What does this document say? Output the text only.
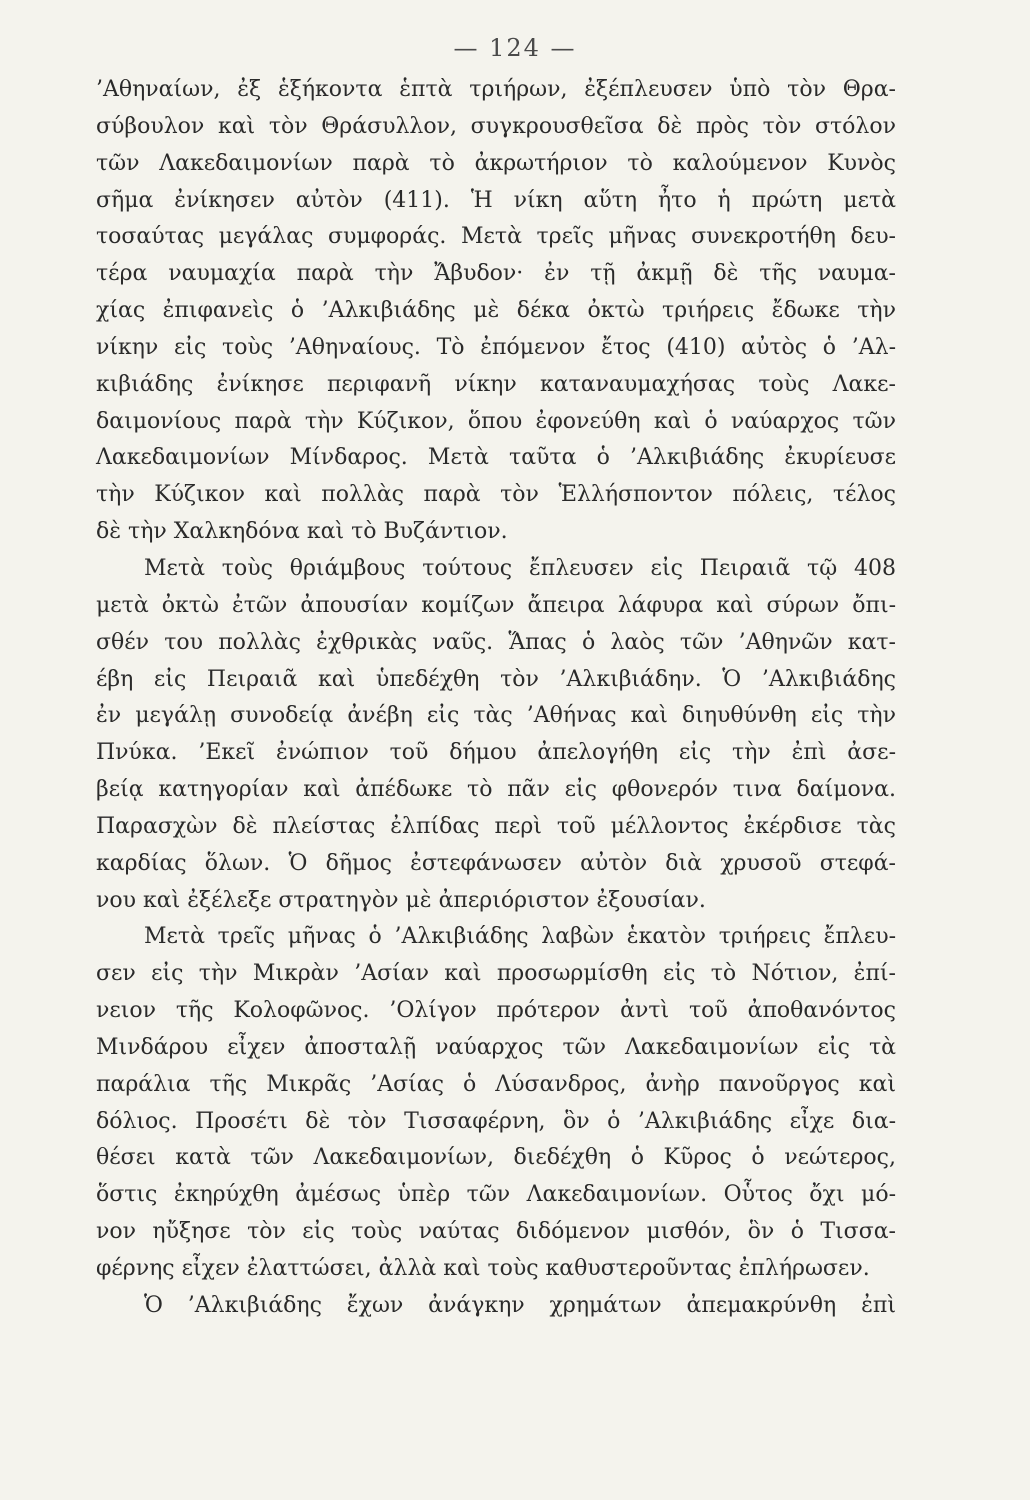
— 124 —
’Αθηναίων, ἐξ ἑξήκοντα ἑπτὰ τριήρων, ἐξέπλευσεν ὑπὸ τὸν Θρα-
σύβουλον καὶ τὸν Θράσυλλον, συγκρουσθεῖσα δὲ πρὸς τὸν στόλον
τῶν Λακεδαιμονίων παρὰ τὸ ἀκρωτήριον τὸ καλούμενον Κυνὸς
σῆμα ἐνίκησεν αὐτὸν (411). Ἡ νίκη αὕτη ἦτο ἡ πρώτη μετὰ
τοσαύτας μεγάλας συμφοράς. Μετὰ τρεῖς μῆνας συνεκροτήθη δευ-
τέρα ναυμαχία παρὰ τὴν Ἄβυδον· ἐν τῇ ἀκμῇ δὲ τῆς ναυμα-
χίας ἐπιφανεὶς ὁ ’Αλκιβιάδης μὲ δέκα ὀκτὼ τριήρεις ἔδωκε τὴν
νίκην εἰς τοὺς ’Αθηναίους. Τὸ ἐπόμενον ἔτος (410) αὐτὸς ὁ ’Αλ-
κιβιάδης ἐνίκησε περιφανῆ νίκην καταναυμαχήσας τοὺς Λακε-
δαιμονίους παρὰ τὴν Κύζικον, ὅπου ἐφονεύθη καὶ ὁ ναύαρχος τῶν
Λακεδαιμονίων Μίνδαρος. Μετὰ ταῦτα ὁ ’Αλκιβιάδης ἐκυρίευσε
τὴν Κύζικον καὶ πολλὰς παρὰ τὸν Ἑλλήσποντον πόλεις, τέλος
δὲ τὴν Χαλκηδόνα καὶ τὸ Βυζάντιον.
Μετὰ τοὺς θριάμβους τούτους ἔπλευσεν εἰς Πειραιᾶ τῷ 408
μετὰ ὀκτὼ ἐτῶν ἀπουσίαν κομίζων ἄπειρα λάφυρα καὶ σύρων ὄπι-
σθέν του πολλὰς ἐχθρικὰς ναῦς. Ἅπας ὁ λαὸς τῶν ’Αθηνῶν κατ-
έβη εἰς Πειραιᾶ καὶ ὑπεδέχθη τὸν ’Αλκιβιάδην. Ὁ ’Αλκιβιάδης
ἐν μεγάλῃ συνοδείᾳ ἀνέβη εἰς τὰς ’Αθήνας καὶ διηυθύνθη εἰς τὴν
Πνύκα. ’Εκεῖ ἐνώπιον τοῦ δήμου ἀπελογήθη εἰς τὴν ἐπὶ ἀσε-
βείᾳ κατηγορίαν καὶ ἀπέδωκε τὸ πᾶν εἰς φθονερόν τινα δαίμονα.
Παρασχὼν δὲ πλείστας ἐλπίδας περὶ τοῦ μέλλοντος ἐκέρδισε τὰς
καρδίας ὅλων. Ὁ δῆμος ἐστεφάνωσεν αὐτὸν διὰ χρυσοῦ στεφά-
νου καὶ ἐξέλεξε στρατηγὸν μὲ ἀπεριόριστον ἐξουσίαν.
Μετὰ τρεῖς μῆνας ὁ ’Αλκιβιάδης λαβὼν ἑκατὸν τριήρεις ἔπλευ-
σεν εἰς τὴν Μικρὰν ’Ασίαν καὶ προσωρμίσθη εἰς τὸ Νότιον, ἐπί-
νειον τῆς Κολοφῶνος. ’Ολίγον πρότερον ἀντὶ τοῦ ἀποθανόντος
Μινδάρου εἶχεν ἀποσταλῇ ναύαρχος τῶν Λακεδαιμονίων εἰς τὰ
παράλια τῆς Μικρᾶς ’Ασίας ὁ Λύσανδρος, ἀνὴρ πανοῦργος καὶ
δόλιος. Προσέτι δὲ τὸν Τισσαφέρνη, ὃν ὁ ’Αλκιβιάδης εἶχε δια-
θέσει κατὰ τῶν Λακεδαιμονίων, διεδέχθη ὁ Κῦρος ὁ νεώτερος,
ὅστις ἐκηρύχθη ἀμέσως ὑπὲρ τῶν Λακεδαιμονίων. Οὗτος ὄχι μό-
νον ηὔξησε τὸν εἰς τοὺς ναύτας διδόμενον μισθόν, ὃν ὁ Τισσα-
φέρνης εἶχεν ἐλαττώσει, ἀλλὰ καὶ τοὺς καθυστεροῦντας ἐπλήρωσεν.
Ὁ ’Αλκιβιάδης ἔχων ἀνάγκην χρημάτων ἀπεμακρύνθη ἐπὶ
